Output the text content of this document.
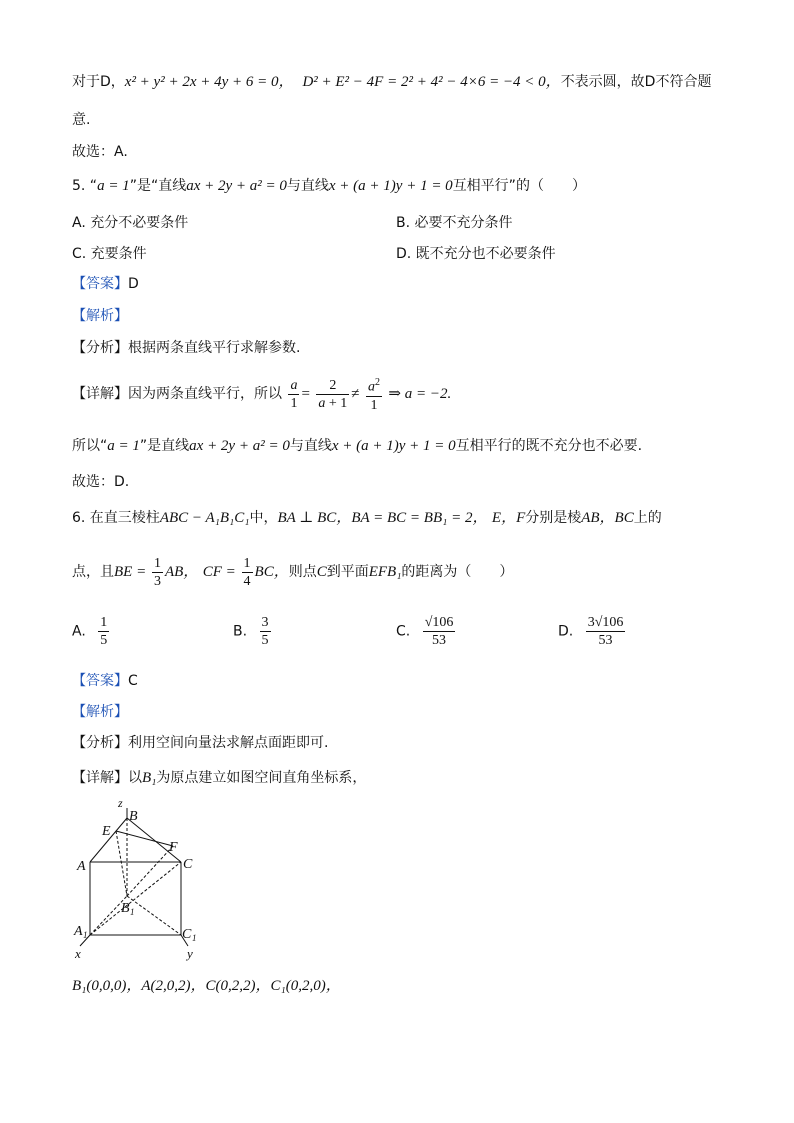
对于D，x² + y² + 2x + 4y + 6 = 0， D² + E² − 4F = 2² + 4² − 4×6 = −4 < 0，不表示圆，故D不符合题
意.
故选：A.
5. “a = 1”是“直线ax + 2y + a² = 0与直线x + (a + 1)y + 1 = 0互相平行”的（　　）
A. 充分不必要条件	B. 必要不充分条件
C. 充要条件	D. 既不充分也不必要条件
【答案】D
【解析】
【分析】根据两条直线平行求解参数.
【详解】因为两条直线平行，所以 $\frac{a}{1} = \frac{2}{a + 1} \ne \frac{a^2}{1}$ ⇒ a = −2.
所以“a = 1”是直线ax + 2y + a² = 0与直线x + (a + 1)y + 1 = 0互相平行的既不充分也不必要.
故选：D.
6. 在直三棱柱ABC − A₁B₁C₁中，BA ⊥ BC，BA = BC = BB₁ = 2， E，F分别是棱AB，BC上的
点，且BE = $\frac{1}{3}$ AB， CF = $\frac{1}{4}$ BC，则点C到平面EFB₁的距离为（　　）
A. $\frac{1}{5}$	B. $\frac{3}{5}$	C. $\frac{√106}{53}$	D. $\frac{3√106}{53}$
【答案】C
【解析】
【分析】利用空间向量法求解点面距即可.
【详解】以B₁为原点建立如图空间直角坐标系，
z
B
E
F
A	C
B 1
A 1	C 1
x	y
B₁(0,0,0)，A(2,0,2)，C(0,2,2)，C₁(0,2,0)，
